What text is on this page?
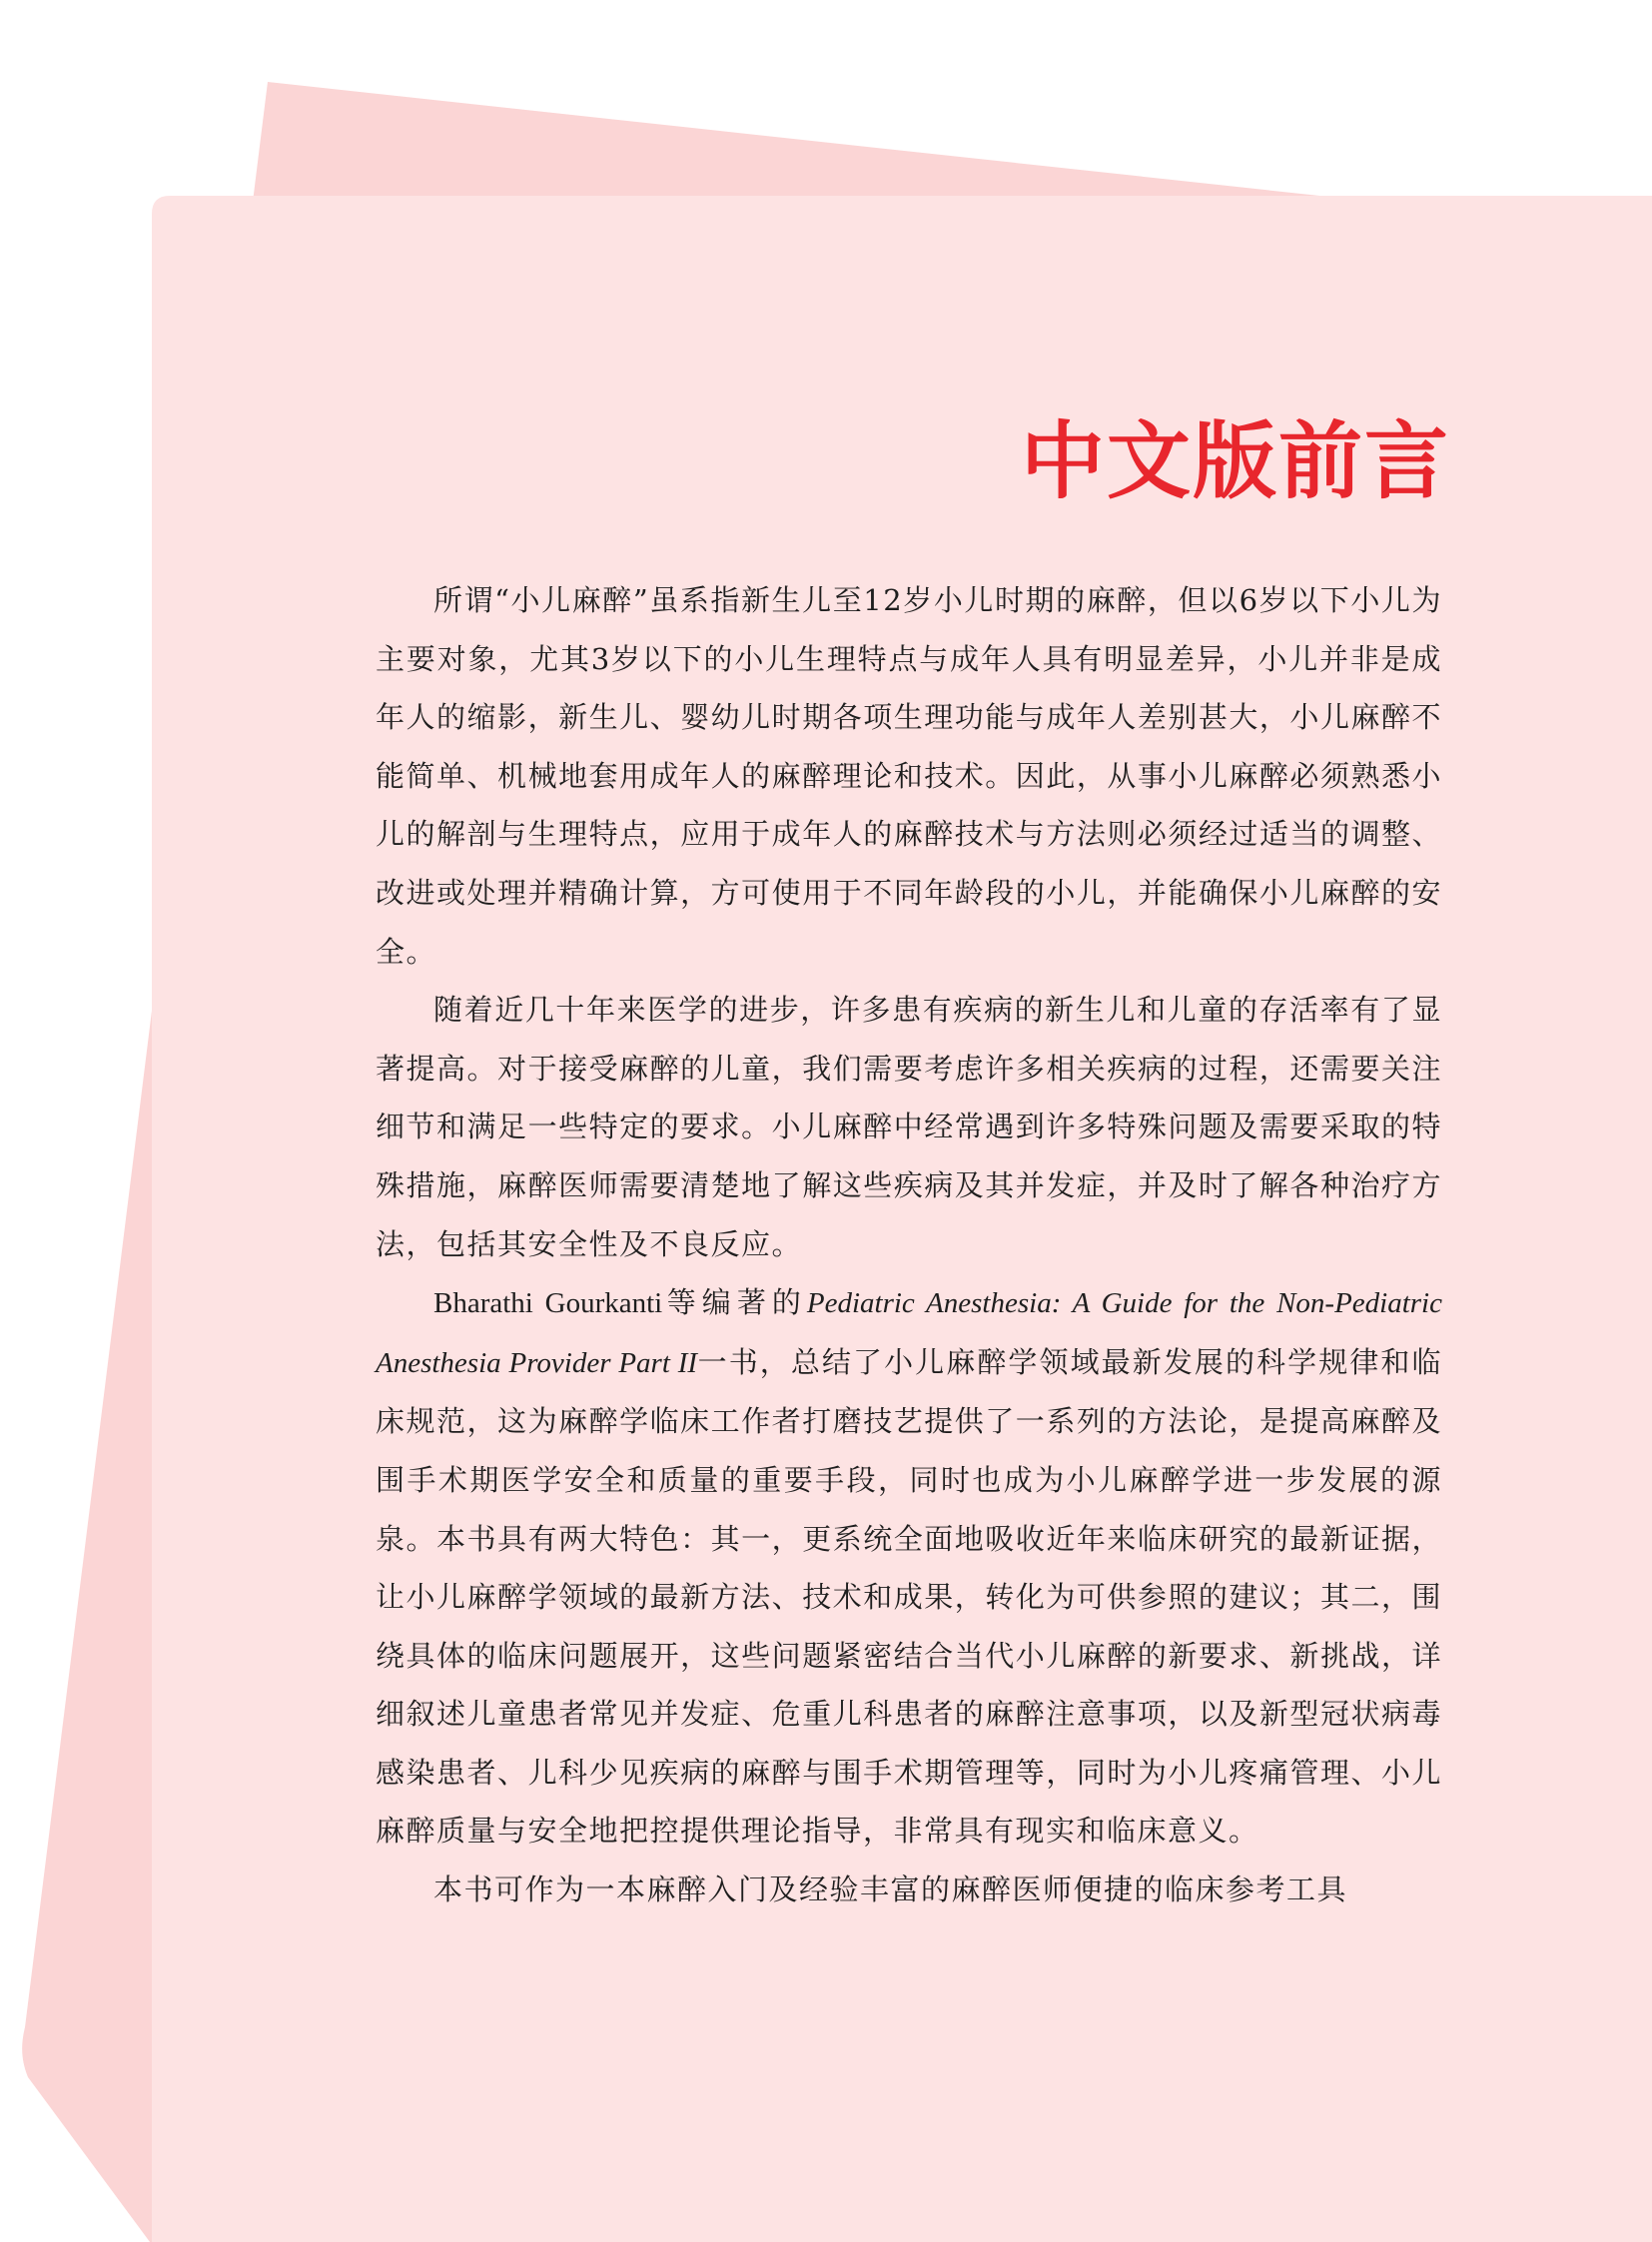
中文版前言

所谓“小儿麻醉”虽系指新生儿至12岁小儿时期的麻醉，但以6岁以下小儿为主要对象，尤其3岁以下的小儿生理特点与成年人具有明显差异，小儿并非是成年人的缩影，新生儿、婴幼儿时期各项生理功能与成年人差别甚大，小儿麻醉不能简单、机械地套用成年人的麻醉理论和技术。因此，从事小儿麻醉必须熟悉小儿的解剖与生理特点，应用于成年人的麻醉技术与方法则必须经过适当的调整、改进或处理并精确计算，方可使用于不同年龄段的小儿，并能确保小儿麻醉的安全。

随着近几十年来医学的进步，许多患有疾病的新生儿和儿童的存活率有了显著提高。对于接受麻醉的儿童，我们需要考虑许多相关疾病的过程，还需要关注细节和满足一些特定的要求。小儿麻醉中经常遇到许多特殊问题及需要采取的特殊措施，麻醉医师需要清楚地了解这些疾病及其并发症，并及时了解各种治疗方法，包括其安全性及不良反应。

Bharathi Gourkanti等编著的Pediatric Anesthesia: A Guide for the Non-Pediatric Anesthesia Provider Part II一书，总结了小儿麻醉学领域最新发展的科学规律和临床规范，这为麻醉学临床工作者打磨技艺提供了一系列的方法论，是提高麻醉及围手术期医学安全和质量的重要手段，同时也成为小儿麻醉学进一步发展的源泉。本书具有两大特色：其一，更系统全面地吸收近年来临床研究的最新证据，让小儿麻醉学领域的最新方法、技术和成果，转化为可供参照的建议；其二，围绕具体的临床问题展开，这些问题紧密结合当代小儿麻醉的新要求、新挑战，详细叙述儿童患者常见并发症、危重儿科患者的麻醉注意事项，以及新型冠状病毒感染患者、儿科少见疾病的麻醉与围手术期管理等，同时为小儿疼痛管理、小儿麻醉质量与安全地把控提供理论指导，非常具有现实和临床意义。

本书可作为一本麻醉入门及经验丰富的麻醉医师便捷的临床参考工具
